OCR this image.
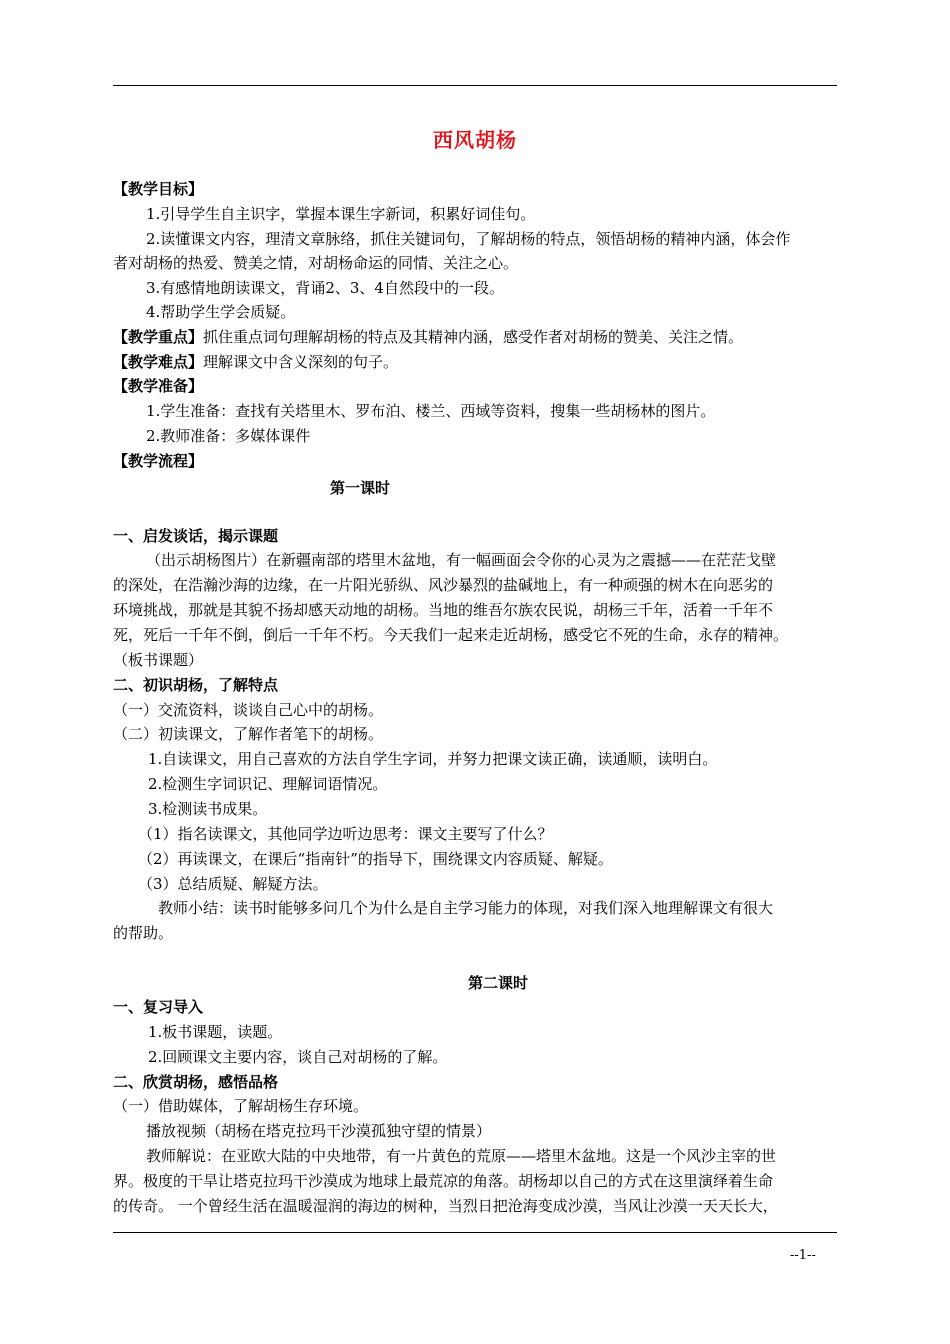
西风胡杨
【教学目标】
1.引导学生自主识字，掌握本课生字新词，积累好词佳句。
2.读懂课文内容，理清文章脉络，抓住关键词句，了解胡杨的特点，领悟胡杨的精神内涵，体会作
者对胡杨的热爱、赞美之情，对胡杨命运的同情、关注之心。
3.有感情地朗读课文，背诵2、3、4自然段中的一段。
4.帮助学生学会质疑。
【教学重点】抓住重点词句理解胡杨的特点及其精神内涵，感受作者对胡杨的赞美、关注之情。
【教学难点】理解课文中含义深刻的句子。
【教学准备】
1.学生准备：查找有关塔里木、罗布泊、楼兰、西域等资料，搜集一些胡杨林的图片。
2.教师准备：多媒体课件
【教学流程】
第一课时
一、启发谈话，揭示课题
（出示胡杨图片）在新疆南部的塔里木盆地，有一幅画面会令你的心灵为之震撼——在茫茫戈壁
的深处，在浩瀚沙海的边缘，在一片阳光骄纵、风沙暴烈的盐碱地上，有一种顽强的树木在向恶劣的
环境挑战，那就是其貌不扬却感天动地的胡杨。当地的维吾尔族农民说，胡杨三千年，活着一千年不
死，死后一千年不倒，倒后一千年不朽。今天我们一起来走近胡杨，感受它不死的生命，永存的精神。
（板书课题）
二、初识胡杨，了解特点
（一）交流资料，谈谈自己心中的胡杨。
（二）初读课文，了解作者笔下的胡杨。
1.自读课文，用自己喜欢的方法自学生字词，并努力把课文读正确，读通顺，读明白。
2.检测生字词识记、理解词语情况。
3.检测读书成果。
（1）指名读课文，其他同学边听边思考：课文主要写了什么？
（2）再读课文，在课后“指南针”的指导下，围绕课文内容质疑、解疑。
（3）总结质疑、解疑方法。
教师小结：读书时能够多问几个为什么是自主学习能力的体现，对我们深入地理解课文有很大
的帮助。
第二课时
一、复习导入
1.板书课题，读题。
2.回顾课文主要内容，谈自己对胡杨的了解。
二、欣赏胡杨，感悟品格
（一）借助媒体，了解胡杨生存环境。
播放视频（胡杨在塔克拉玛干沙漠孤独守望的情景）
教师解说：在亚欧大陆的中央地带，有一片黄色的荒原——塔里木盆地。这是一个风沙主宰的世
界。极度的干旱让塔克拉玛干沙漠成为地球上最荒凉的角落。胡杨却以自己的方式在这里演绎着生命
的传奇。 一个曾经生活在温暖湿润的海边的树种，当烈日把沧海变成沙漠，当风让沙漠一天天长大，
--1--
